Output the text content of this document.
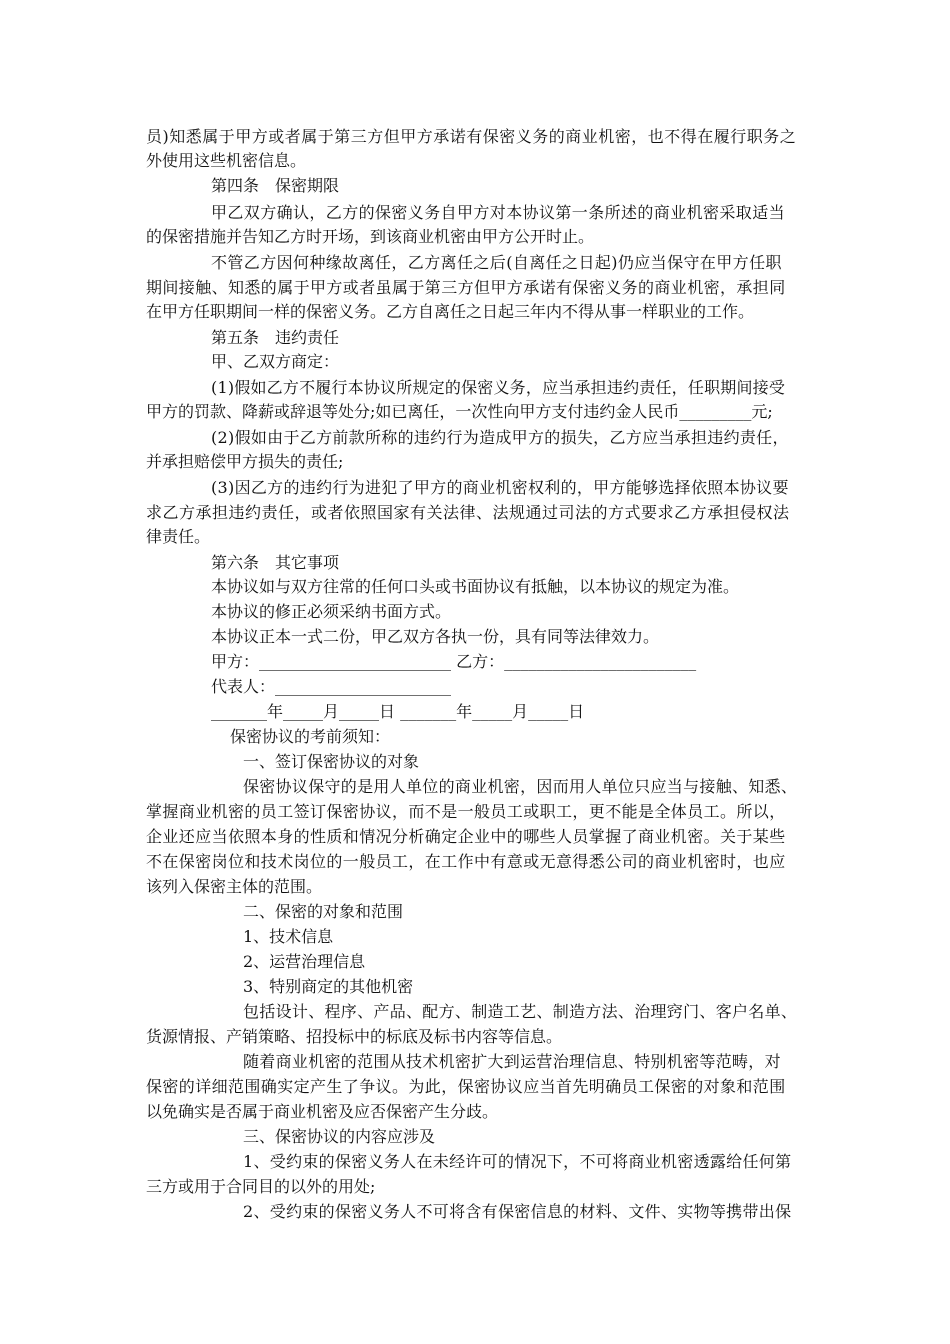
员)知悉属于甲方或者属于第三方但甲方承诺有保密义务的商业机密，也不得在履行职务之

外使用这些机密信息。

第四条　保密期限

甲乙双方确认，乙方的保密义务自甲方对本协议第一条所述的商业机密采取适当

的保密措施并告知乙方时开场，到该商业机密由甲方公开时止。

不管乙方因何种缘故离任，乙方离任之后(自离任之日起)仍应当保守在甲方任职

期间接触、知悉的属于甲方或者虽属于第三方但甲方承诺有保密义务的商业机密，承担同

在甲方任职期间一样的保密义务。乙方自离任之日起三年内不得从事一样职业的工作。

第五条　违约责任

甲、乙双方商定：

(1)假如乙方不履行本协议所规定的保密义务，应当承担违约责任，任职期间接受

甲方的罚款、降薪或辞退等处分;如已离任，一次性向甲方支付违约金人民币_________元;

(2)假如由于乙方前款所称的违约行为造成甲方的损失，乙方应当承担违约责任，

并承担赔偿甲方损失的责任;

(3)因乙方的违约行为进犯了甲方的商业机密权利的，甲方能够选择依照本协议要

求乙方承担违约责任，或者依照国家有关法律、法规通过司法的方式要求乙方承担侵权法

律责任。

第六条　其它事项

本协议如与双方往常的任何口头或书面协议有抵触，以本协议的规定为准。

本协议的修正必须采纳书面方式。

本协议正本一式二份，甲乙双方各执一份，具有同等法律效力。

甲方：________________________ 乙方：________________________

代表人：______________________

_______年_____月_____日 _______年_____月_____日

保密协议的考前须知：

一、签订保密协议的对象

保密协议保守的是用人单位的商业机密，因而用人单位只应当与接触、知悉、

掌握商业机密的员工签订保密协议，而不是一般员工或职工，更不能是全体员工。所以，

企业还应当依照本身的性质和情况分析确定企业中的哪些人员掌握了商业机密。关于某些

不在保密岗位和技术岗位的一般员工，在工作中有意或无意得悉公司的商业机密时，也应

该列入保密主体的范围。

二、保密的对象和范围

1、技术信息

2、运营治理信息

3、特别商定的其他机密

包括设计、程序、产品、配方、制造工艺、制造方法、治理窍门、客户名单、

货源情报、产销策略、招投标中的标底及标书内容等信息。

随着商业机密的范围从技术机密扩大到运营治理信息、特别机密等范畴，对

保密的详细范围确实定产生了争议。为此，保密协议应当首先明确员工保密的对象和范围

以免确实是否属于商业机密及应否保密产生分歧。

三、保密协议的内容应涉及

1、受约束的保密义务人在未经许可的情况下，不可将商业机密透露给任何第

三方或用于合同目的以外的用处;

2、受约束的保密义务人不可将含有保密信息的材料、文件、实物等携带出保
